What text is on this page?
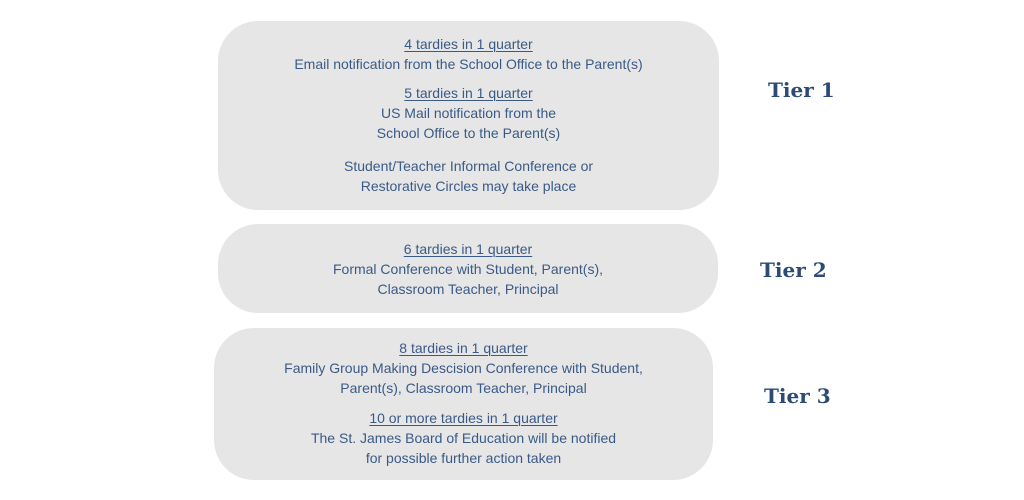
4 tardies in 1 quarter
Email notification from the School Office to the Parent(s)
5 tardies in 1 quarter
US Mail notification from the
School Office to the Parent(s)
Student/Teacher Informal Conference or
Restorative Circles may take place
Tier 1
6 tardies in 1 quarter
Formal Conference with Student, Parent(s),
Classroom Teacher, Principal
Tier 2
8 tardies in 1 quarter
Family Group Making Descision Conference with Student,
Parent(s), Classroom Teacher, Principal
10 or more tardies in 1 quarter
The St. James Board of Education will be notified
for possible further action taken
Tier 3
